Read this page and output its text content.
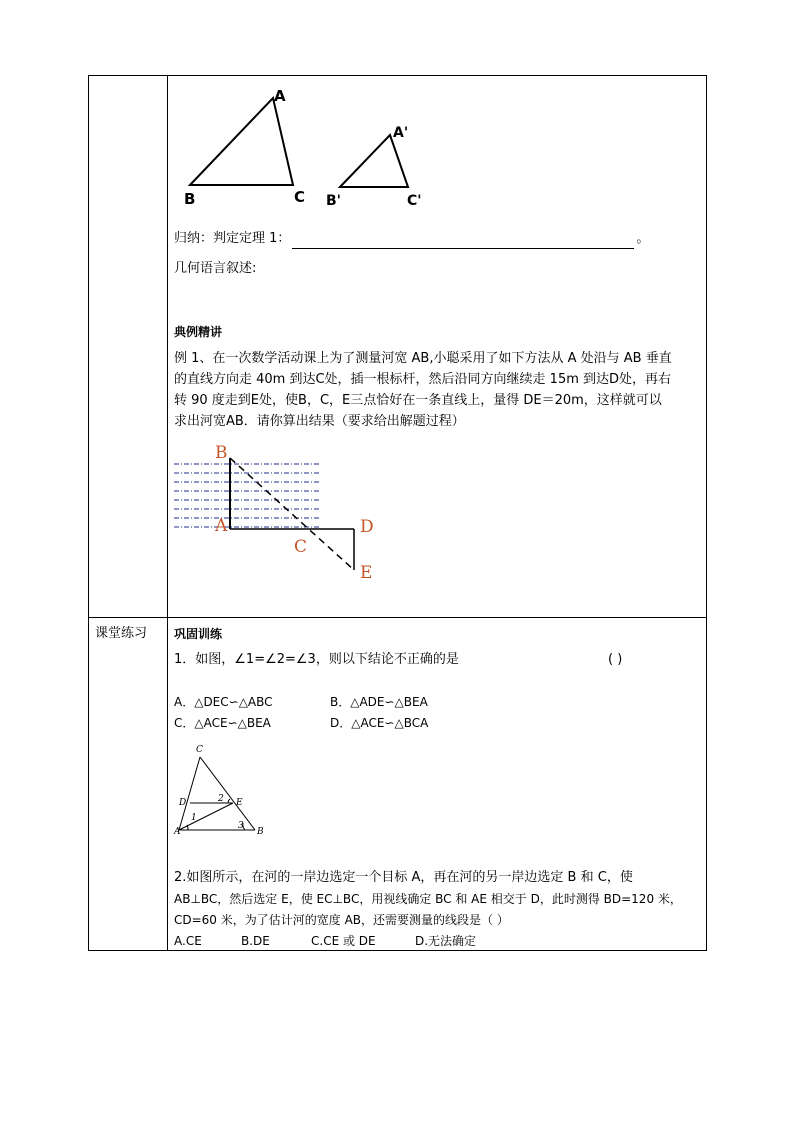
A
B	C
A'
B'	C'
归纳：判定定理 1：	。
几何语言叙述:
典例精讲
例 1、在一次数学活动课上为了测量河宽 AB,小聪采用了如下方法从 A 处沿与 AB 垂直
的直线方向走 40m 到达C处，插一根标杆，然后沿同方向继续走 15m 到达D处，再右
转 90 度走到E处，使B，C，E三点恰好在一条直线上，量得 DE＝20m，这样就可以
求出河宽AB．请你算出结果（要求给出解题过程）
B
A
C
D
E
课堂练习 巩固训练
1．如图，∠1=∠2=∠3，则以下结论不正确的是	( )
A．△DEC∽△ABC	B．△ADE∽△BEA
C．△ACE∽△BEA	D．△ACE∽△BCA
C
D	E
A	B
1
2
3
2.如图所示，在河的一岸边选定一个目标 A，再在河的另一岸边选定 B 和 C，使
AB⊥BC，然后选定 E，使 EC⊥BC，用视线确定 BC 和 AE 相交于 D，此时测得 BD=120 米，
CD=60 米，为了估计河的宽度 AB，还需要测量的线段是（ ）
A.CE	B.DE	C.CE 或 DE	D.无法确定
